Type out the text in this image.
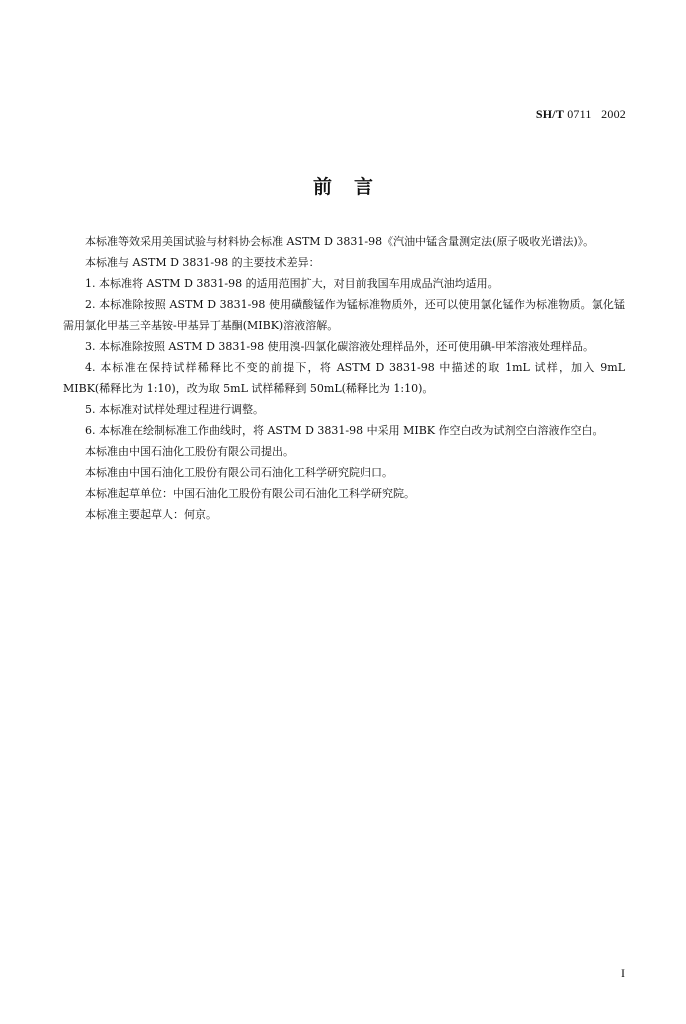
SH/T 0711   2002
前言

本标准等效采用美国试验与材料协会标准 ASTM D 3831-98《汽油中锰含量测定法(原子吸收光谱法)》。

本标准与 ASTM D 3831-98 的主要技术差异：

1. 本标准将 ASTM D 3831-98 的适用范围扩大，对目前我国车用成品汽油均适用。

2. 本标准除按照 ASTM D 3831-98 使用磺酸锰作为锰标准物质外，还可以使用氯化锰作为标准物质。氯化锰需用氯化甲基三辛基铵-甲基异丁基酮(MIBK)溶液溶解。

3. 本标准除按照 ASTM D 3831-98 使用溴-四氯化碳溶液处理样品外，还可使用碘-甲苯溶液处理样品。

4. 本标准在保持试样稀释比不变的前提下，将 ASTM D 3831-98 中描述的取 1mL 试样，加入 9mL MIBK(稀释比为 1:10)，改为取 5mL 试样稀释到 50mL(稀释比为 1:10)。

5. 本标准对试样处理过程进行调整。

6. 本标准在绘制标准工作曲线时，将 ASTM D 3831-98 中采用 MIBK 作空白改为试剂空白溶液作空白。

本标准由中国石油化工股份有限公司提出。

本标准由中国石油化工股份有限公司石油化工科学研究院归口。

本标准起草单位：中国石油化工股份有限公司石油化工科学研究院。

本标准主要起草人：何京。

I
